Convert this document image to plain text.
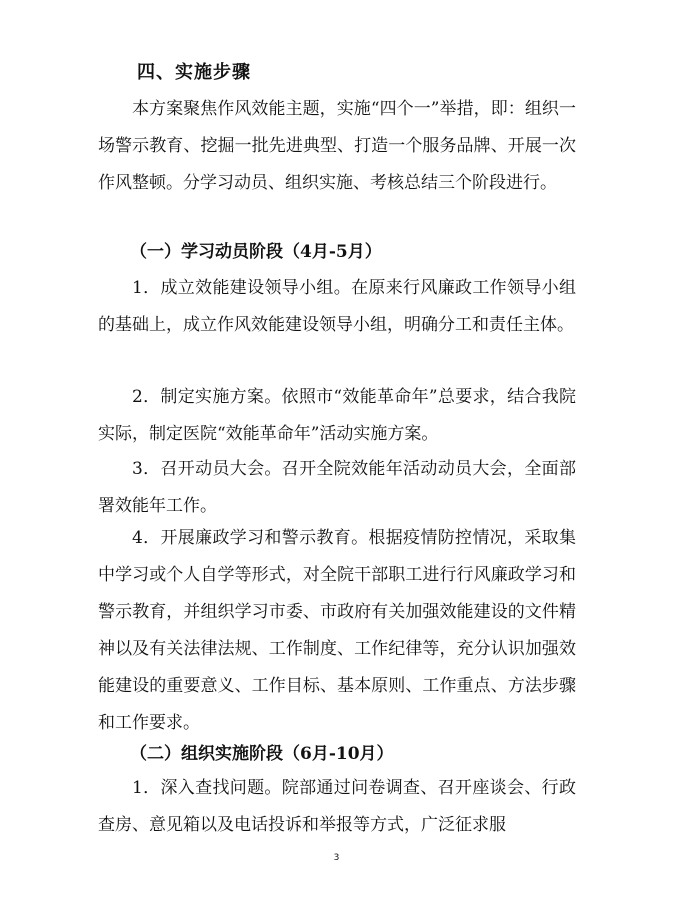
四、实施步骤

本方案聚焦作风效能主题，实施“四个一”举措，即：组织一场警示教育、挖掘一批先进典型、打造一个服务品牌、开展一次作风整顿。分学习动员、组织实施、考核总结三个阶段进行。

（一）学习动员阶段（4月-5月）

1．成立效能建设领导小组。在原来行风廉政工作领导小组的基础上，成立作风效能建设领导小组，明确分工和责任主体。

2．制定实施方案。依照市“效能革命年”总要求，结合我院实际，制定医院“效能革命年”活动实施方案。

3．召开动员大会。召开全院效能年活动动员大会，全面部署效能年工作。

4．开展廉政学习和警示教育。根据疫情防控情况，采取集中学习或个人自学等形式，对全院干部职工进行行风廉政学习和警示教育，并组织学习市委、市政府有关加强效能建设的文件精神以及有关法律法规、工作制度、工作纪律等，充分认识加强效能建设的重要意义、工作目标、基本原则、工作重点、方法步骤和工作要求。

（二）组织实施阶段（6月-10月）

1．深入查找问题。院部通过问卷调查、召开座谈会、行政查房、意见箱以及电话投诉和举报等方式，广泛征求服

3
